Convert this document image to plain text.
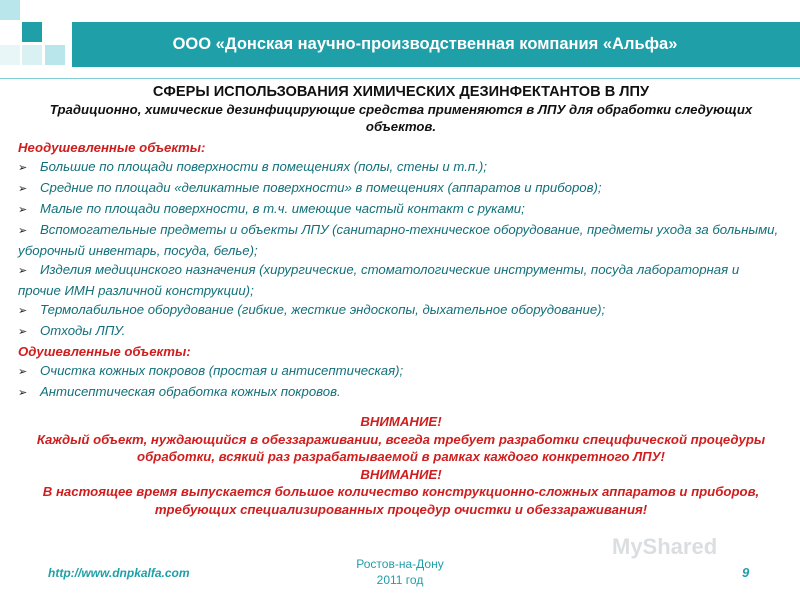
ООО «Донская научно-производственная компания «Альфа»
СФЕРЫ ИСПОЛЬЗОВАНИЯ ХИМИЧЕСКИХ ДЕЗИНФЕКТАНТОВ В ЛПУ
Традиционно, химические дезинфицирующие средства применяются в ЛПУ для обработки следующих объектов.
Неодушевленные объекты:
➢ Большие по площади поверхности в помещениях (полы, стены и т.п.);
➢ Средние по площади «деликатные поверхности» в помещениях (аппаратов и приборов);
➢ Малые по площади поверхности, в т.ч. имеющие частый контакт с руками;
➢ Вспомогательные предметы и объекты ЛПУ (санитарно-техническое оборудование, предметы ухода за больными, уборочный инвентарь, посуда, белье);
➢ Изделия медицинского назначения (хирургические, стоматологические инструменты, посуда лабораторная и прочие ИМН различной конструкции);
➢ Термолабильное оборудование (гибкие, жесткие эндоскопы, дыхательное оборудование);
➢ Отходы ЛПУ.
Одушевленные объекты:
➢ Очистка кожных покровов (простая и антисептическая);
➢ Антисептическая обработка кожных покровов.
ВНИМАНИЕ!
Каждый объект, нуждающийся в обеззараживании, всегда требует разработки специфической процедуры обработки, всякий раз разрабатываемой в рамках каждого конкретного ЛПУ!
ВНИМАНИЕ!
В настоящее время выпускается большое количество конструкционно-сложных аппаратов и приборов, требующих специализированных процедур очистки и обеззараживания!
http://www.dnpkalfa.com
Ростов-на-Дону
2011 год	9
MyShared
